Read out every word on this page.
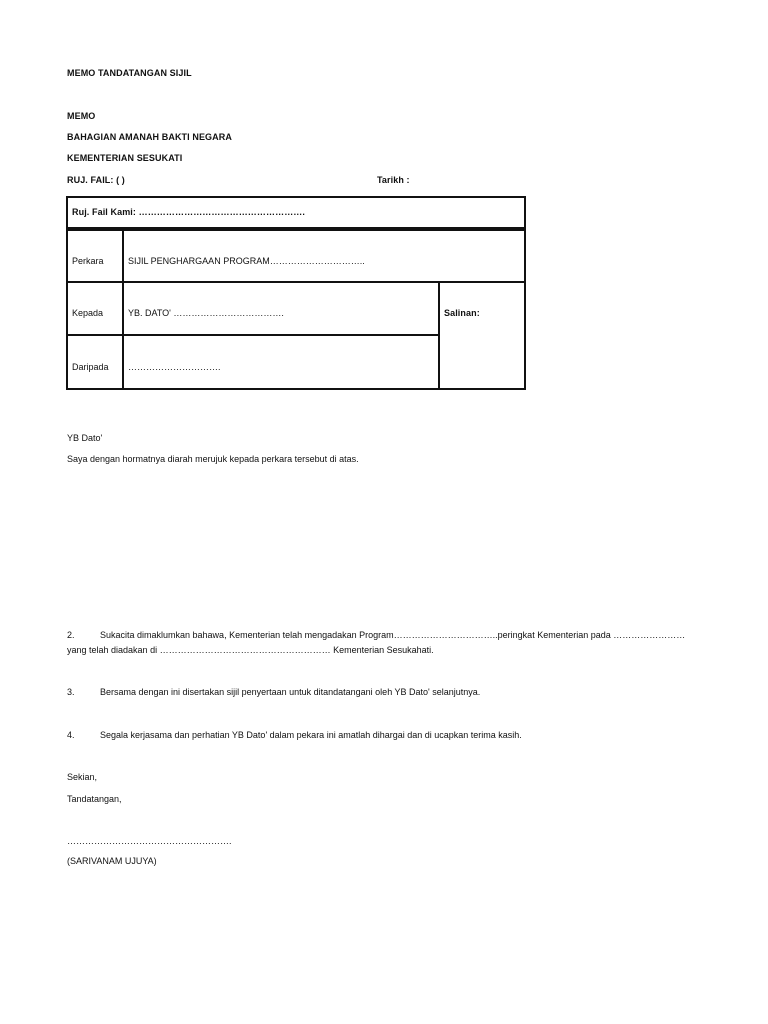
MEMO TANDATANGAN SIJIL
MEMO
BAHAGIAN AMANAH BAKTI NEGARA
KEMENTERIAN SESUKATI
RUJ. FAIL: ( )	Tarikh :
Ruj. Fail Kami: ……………………………………………….
Perkara	SIJIL PENGHARGAAN PROGRAM…………………………..
Kepada	YB. DATO' ……………………………….	Salinan:
Daripada ………………………….
YB Dato'
Saya dengan hormatnya diarah merujuk kepada perkara tersebut di atas.
2.	Sukacita dimaklumkan bahawa, Kementerian telah mengadakan Program……………………………..peringkat Kementerian pada ……………………
yang telah diadakan di ………………………………………………… Kementerian Sesukahati.
3.	Bersama dengan ini disertakan sijil penyertaan untuk ditandatangani oleh YB Dato' selanjutnya.
4.	Segala kerjasama dan perhatian YB Dato' dalam pekara ini amatlah dihargai dan di ucapkan terima kasih.
Sekian,
Tandatangan,
……………………………………………….
(SARIVANAM UJUYA)
